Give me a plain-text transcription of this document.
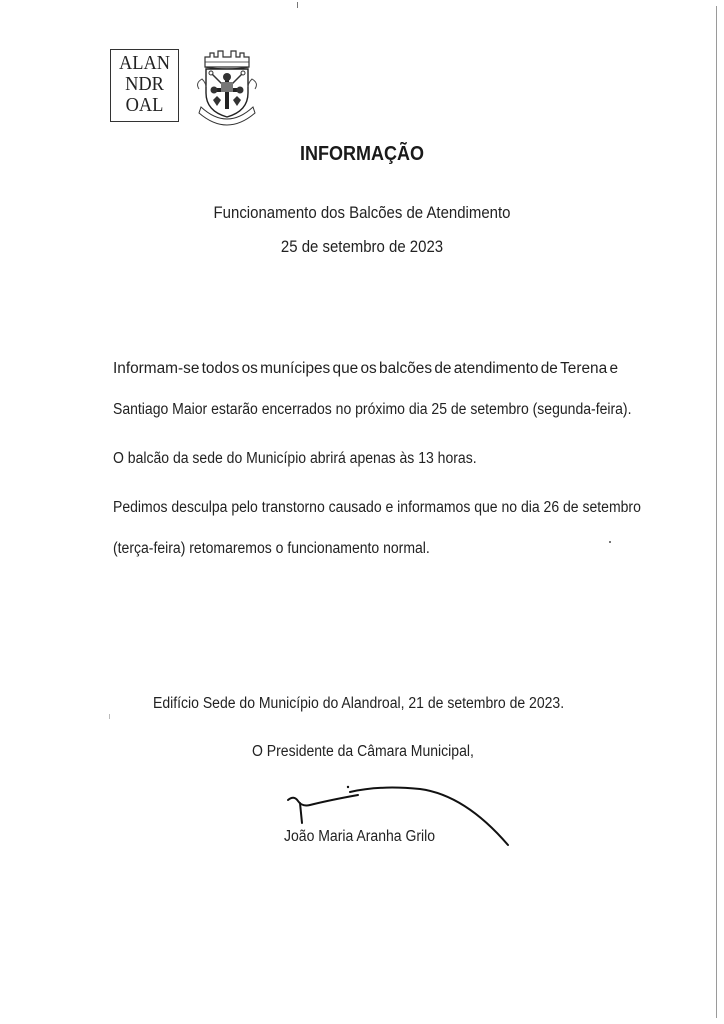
ALAN
NDR
OAL
INFORMAÇÃO
Funcionamento dos Balcões de Atendimento
25 de setembro de 2023
Informam-se todos os munícipes que os balcões de atendimento de Terena e
Santiago Maior estarão encerrados no próximo dia 25 de setembro (segunda-feira).
O balcão da sede do Município abrirá apenas às 13 horas.
Pedimos desculpa pelo transtorno causado e informamos que no dia 26 de setembro
(terça-feira) retomaremos o funcionamento normal.
Edifício Sede do Município do Alandroal, 21 de setembro de 2023.
O Presidente da Câmara Municipal,
João Maria Aranha Grilo
